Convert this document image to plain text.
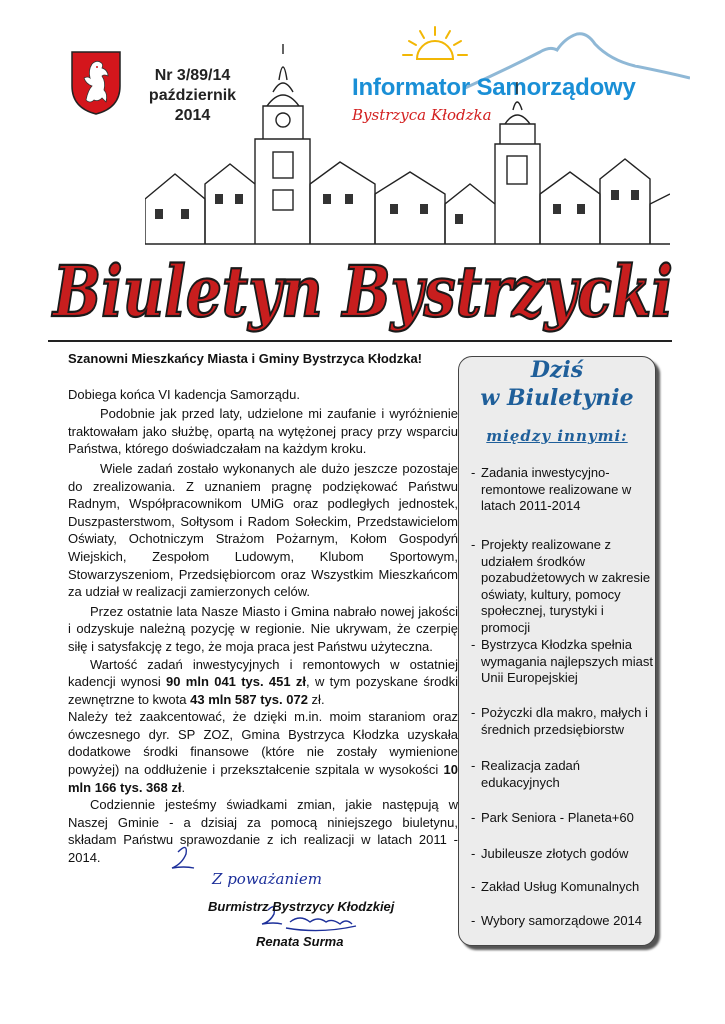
Nr 3/89/14
październik
2014
Informator Samorządowy
Bystrzyca Kłodzka
Biuletyn Bystrzycki
Szanowni Mieszkańcy Miasta i Gminy Bystrzyca Kłodzka!

Dobiega końca VI kadencja Samorządu.

Podobnie jak przed laty, udzielone mi zaufanie i wyróżnienie traktowałam jako służbę, opartą na wytężonej pracy przy wsparciu Państwa, którego doświadczałam na każdym kroku.

Wiele zadań zostało wykonanych ale dużo jeszcze pozostaje do zrealizowania. Z uznaniem pragnę podziękować Państwu Radnym, Współpracownikom UMiG oraz podległych jednostek, Duszpasterstwom, Sołtysom i Radom Sołeckim, Przedstawicielom Oświaty, Ochotniczym Strażom Pożarnym, Kołom Gospodyń Wiejskich, Zespołom Ludowym, Klubom Sportowym, Stowarzyszeniom, Przedsiębiorcom oraz Wszystkim Mieszkańcom za udział w realizacji zamierzonych celów.

Przez ostatnie lata Nasze Miasto i Gmina nabrało nowej jakości i odzyskuje należną pozycję w regionie. Nie ukrywam, że czerpię siłę i satysfakcję z tego, że moja praca jest Państwu użyteczna.

Wartość zadań inwestycyjnych i remontowych w ostatniej kadencji wynosi 90 mln 041 tys. 451 zł, w tym pozyskane środki zewnętrzne to kwota 43 mln 587 tys. 072 zł.

Należy też zaakcentować, że dzięki m.in. moim staraniom oraz ówczesnego dyr. SP ZOZ, Gmina Bystrzyca Kłodzka uzyskała dodatkowe środki finansowe (które nie zostały wymienione powyżej) na oddłużenie i przekształcenie szpitala w wysokości 10 mln 166 tys. 368 zł.

Codziennie jesteśmy świadkami zmian, jakie następują w Naszej Gminie - a dzisiaj za pomocą niniejszego biuletynu, składam Państwu sprawozdanie z ich realizacji w latach 2011 - 2014.

Z poważaniem
Burmistrz Bystrzycy Kłodzkiej
Renata Surma
Dziś
w Biuletynie
między innymi:
- Zadania inwestycyjno-remontowe realizowane w latach 2011-2014
- Projekty realizowane z udziałem środków pozabudżetowych w zakresie oświaty, kultury, pomocy społecznej, turystyki i promocji
- Bystrzyca Kłodzka spełnia wymagania najlepszych miast Unii Europejskiej
- Pożyczki dla makro, małych i średnich przedsiębiorstw
- Realizacja zadań edukacyjnych
- Park Seniora - Planeta+60
- Jubileusze złotych godów
- Zakład Usług Komunalnych
- Wybory samorządowe 2014
